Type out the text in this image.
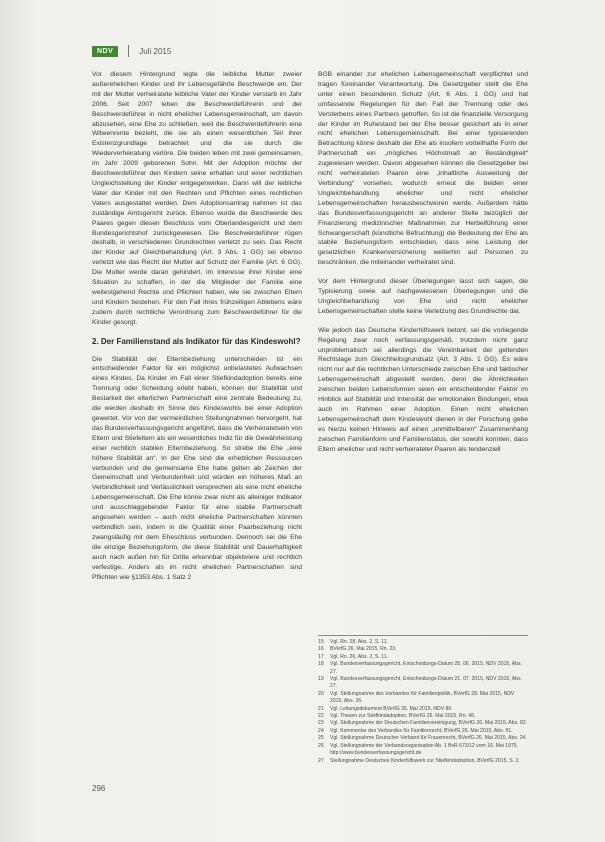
NDV	Juli 2015

Vor diesem Hintergrund legte die leibliche Mutter zweier außerehelichen Kinder und ihr Lebensgefährte Beschwerde ein. Der mit der Mutter verheiratete leibliche Vater der Kinder verstarb im Jahr 2006. Seit 2007 leben die Beschwerdeführerin und der Beschwerdeführer in nicht ehelicher Lebensgemeinschaft, um davon abzusehen, eine Ehe zu schließen, weil die Beschwerdeführerin eine Witwenrente bezieht, die sie als einen wesentlichen Teil ihrer Existenzgrundlage betrachtet und die sie durch die Wiederverheiratung verlöre. Die beiden leben mit zwei gemeinsamen, im Jahr 2009 geborenen Sohn. Mit der Adoption möchte der Beschwerdeführer den Kindern seine erhalten und einer rechtlichen Ungleichstellung der Kinder entgegenwirken. Dann will der leibliche Vater der Kinder mit den Rechten und Pflichten eines rechtlichen Vaters ausgestattet werden. Dem Adoptionsantrag nahmen ist das zuständige Amtsgericht zurück. Ebenso wurde die Beschwerde des Paares gegen diesen Beschluss vom Oberlandesgericht und dem Bundesgerichtshof zurückgewiesen. Die Beschwerdeführer rügen deshalb, in verschiedenen Grundrechten verletzt zu sein. Das Recht der Kinder auf Gleichbehandlung (Art. 3 Abs. 1 GG) sei ebenso verletzt wie das Recht der Mutter auf Schutz der Familie (Art. 6 GG). Die Mutter werde daran gehindert, im Interesse ihrer Kinder eine Situation zu schaffen, in der die Mitglieder der Familie eine weitestgehend Rechte und Pflichten haben, wie sie zwischen Eltern und Kindern bestehen. Für den Fall ihres frühzeitigen Ablebens wäre zudem durch rechtliche Verordnung zum Beschwerdeführer für die Kinder gesorgt.

2. Der Familienstand als Indikator für das Kindeswohl?

Die Stabilität der Elternbeziehung unterscheiden ist ein entscheidender Faktor für ein möglichst unbelastetes Aufwachsen eines Kindes. Da Kinder im Fall einer Stiefkindadoption bereits eine Trennung oder Scheidung erlebt haben, können der Stabilität und Bestarkeit der elterlichen Partnerschaft eine zentrale Bedeutung zu, die werden deshalb im Sinne des Kindeswohls bei einer Adoption gewertet. Vor von der vermeintlichen Stellungnahmen hervorgeht, hat das Bundesverfassungsgericht angeführt, dass die Verheiratetsein von Eltern und Stiefeltern als ein wesentliches Indiz für die Gewährleistung einer rechtlich stabilen Elternbeziehung. So strebe die Ehe „eine höhere Stabilität an“. In der Ehe sind die erheblichen Ressourcen verbunden und die gemeinsame Ehe habe gelten ab Zeichen der Gemeinschaft und Verbundenheit und würden ein höheres Maß an Verbindlichkeit und Verlässlichkeit versprechen als eine nicht eheliche Lebensgemeinschaft. Die Ehe könne zwar nicht als alleiniger Indikator und ausschlaggebender Faktor für eine stabile Partnerschaft angesehen werden – auch nicht eheliche Partnerschaften könnten verbindlich sein, indem in die Qualität einer Paarbeziehung nicht zwangsläufig mit dem Eheschluss verbunden. Dennoch sei die Ehe die einzige Beziehungsform, die diese Stabilität und Dauerhaftigkeit auch nach außen hin für Dritte erkennbar objektiviere und rechtlich verfestige. Anders als im nicht ehelichen Partnerschaften sind Pflichten wie §1353 Abs. 1 Satz 2

BGB einander zur ehelichen Lebensgemeinschaft verpflichtet und tragen füreinander Verantwortung. Die Gesetzgeber stellt die Ehe unter einen besonderen Schutz (Art. 6 Abs. 1 GG) und hat umfassende Regelungen für den Fall der Trennung oder des Versterbens eines Partners getroffen. So ist die finanzielle Versorgung der Kinder im Ruhestand bei der Ehe besser gesichert als in einer nicht ehelichen Lebensgemeinschaft. Bei einer typisierenden Betrachtung könne deshalb der Ehe als insofern vorteilhafte Form der Partnerschaft ein „mögliches Höchstmaß an Beständigkeit“ zugewiesen werden. Davon abgesehen können die Gesetzgeber bei nicht verheirateten Paaren eine „inhaltliche Ausweitung der Verbindung“ vorsehen, wodurch erneut die beiden einer Ungleichbehandlung ehelicher und nicht ehelicher Lebensgemeinschaften herausbeschworen werde. Außerdem hätte das Bundesverfassungsgericht an anderer Stelle bezüglich der Finanzierung medizinischer Maßnahmen zur Herbeiführung einer Schwangerschaft (künstliche Befruchtung) die Bedeutung der Ehe als stabile Beziehungsform entschieden, dass eine Leistung der gesetzlichen Krankenversicherung weiterhin auf Personen zu beschränken, die miteinander verheiratet sind.

Vor dem Hintergrund dieser Überlegungen lasst sich sagen, die Typisierung sowie auf nachgewiesenen Überlegungen und die Ungleichbehandlung von Ehe und nicht ehelicher Lebensgemeinschaften stelle keine Verletzung des Grundrechte dar.

Wie jedoch das Deutsche Kinderhilfswerk betont, sei die vorliegende Regelung zwar noch verfassungsgemäß, trotzdem nicht ganz unproblematisch sei allerdings die Vereinbarkeit der geltenden Rechtslage zum Gleichheitsgrundsatz (Art. 3 Abs. 1 GG). Es wäre nicht nur auf die rechtlichen Unterschiede zwischen Ehe und faktischer Lebensgemeinschaft abgestellt werden, denn die Ähnlichkeiten zwischen beiden Lebensformen seien ein entscheidender Faktor im Hinblick auf Stabilität und Intensität der emotionalen Bindungen, etwa auch im Rahmen einer Adoption. Einen nicht ehelichen Lebensgemeinschaft dem Kindeswohl dienen in der Forschung gebe es hierzu keinen Hinweis auf einen „unmittelbaren“ Zusammenhang zwischen Familienform und Familienstatus, der sowohl konnten, dass Eltern ehelicher und nicht verheirateter Paaren als tendenziell

15	Vgl. Rn. 28, Abs. 2, S. 11.
16	BVerfG 26. Mai 2015, Rn. 23.
17	Vgl. Rn. 26, Abs. 2, S. 11.
18	Vgl. Bundesverfassungsgericht, Entscheidungs-Datum 25. 06. 2015, NDV 2015, Abs. 27.
19	Vgl. Bundesverfassungsgericht, Entscheidungs-Datum 21. 07. 2015, NDV 2015, Abs. 27.
20	Vgl. Stellungnahme des Verbandes für Familienpolitik, BVerfG 28. Mai 2015, NDV 2015, Abs. 36.
21	Vgl. Leitungsdokument BVerfG 26. Mai 2015, NDV 86.
22	Vgl. Thesen zur Stiefkindadoption, BVerfG 26. Mai 2015, Rn. 46.
23	Vgl. Stellungnahme der Deutschen Familienvereinigung, BVerfG 26. Mai 2015, Abs. 82.
24	Vgl. Kommentar des Verbandes für Familienrecht, BVerfG 26. Mai 2015, Abs. 91.
25	Vgl. Stellungnahme Deutscher Verband für Frauenrecht, BVerfG 26. Mai 2015, Abs. 24.
26	Vgl. Stellungnahme der Verbandsorganisation Ab. 1 BvR 673/12 vom 16. Mai 1975, http://www.bundesverfassungsgericht.de
27	Stellungnahme Deutsches Kinderhilfswerk zur Stiefkindadoption, BVerfG 2015, S. 2.
296
